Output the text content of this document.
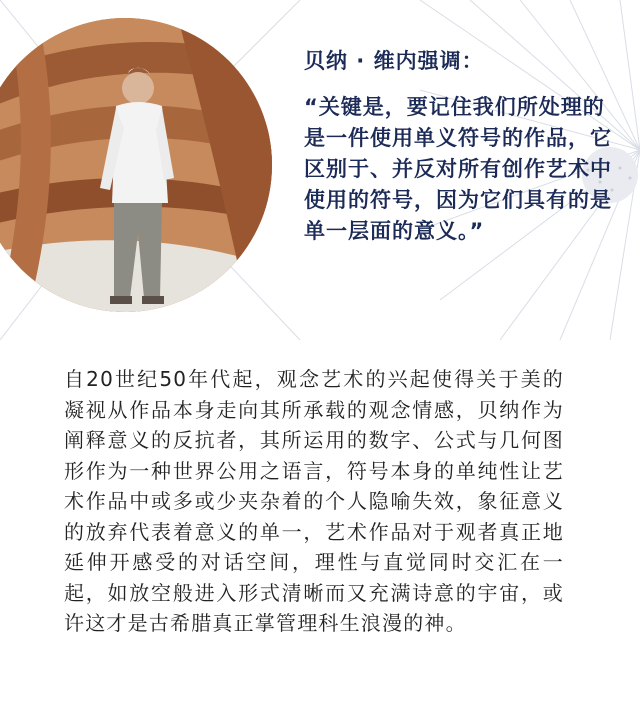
贝纳 · 维内强调：

“关键是，要记住我们所处理的是一件使用单义符号的作品，它区别于、并反对所有创作艺术中使用的符号，因为它们具有的是单一层面的意义。”

自20世纪50年代起，观念艺术的兴起使得关于美的凝视从作品本身走向其所承载的观念情感，贝纳作为阐释意义的反抗者，其所运用的数字、公式与几何图形作为一种世界公用之语言，符号本身的单纯性让艺术作品中或多或少夹杂着的个人隐喻失效，象征意义的放弃代表着意义的单一，艺术作品对于观者真正地延伸开感受的对话空间，理性与直觉同时交汇在一起，如放空般进入形式清晰而又充满诗意的宇宙，或许这才是古希腊真正掌管理科生浪漫的神。
